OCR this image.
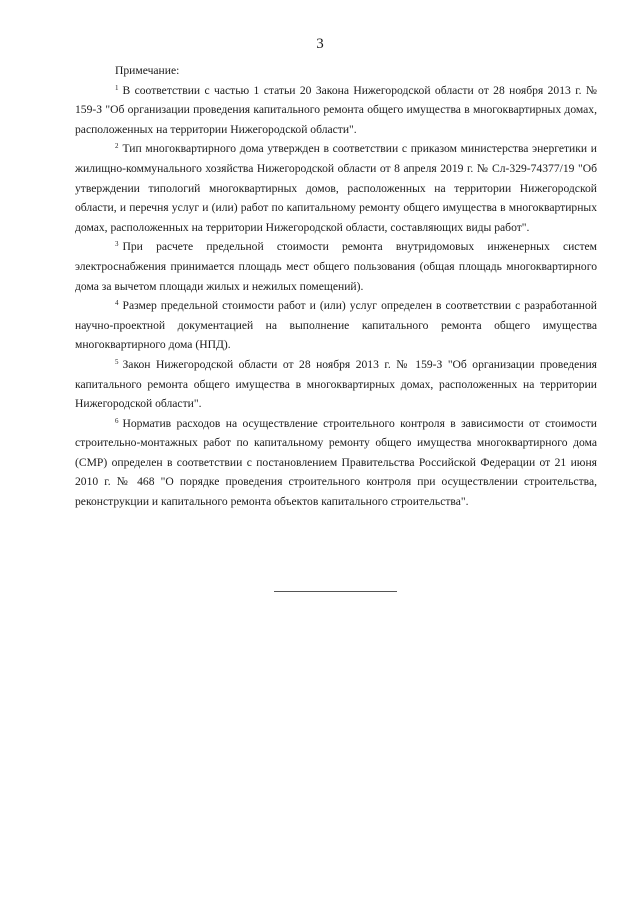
3

Примечание:

$^1$ В соответствии с частью 1 статьи 20 Закона Нижегородской области от 28 ноября 2013 г. № 159-З "Об организации проведения капитального ремонта общего имущества в многоквартирных домах, расположенных на территории Нижегородской области".

$^2$ Тип многоквартирного дома утвержден в соответствии с приказом министерства энергетики и жилищно-коммунального хозяйства Нижегородской области от 8 апреля 2019 г. № Сл-329-74377/19 "Об утверждении типологий многоквартирных домов, расположенных на территории Нижегородской области, и перечня услуг и (или) работ по капитальному ремонту общего имущества в многоквартирных домах, расположенных на территории Нижегородской области, составляющих виды работ".

$^3$ При расчете предельной стоимости ремонта внутридомовых инженерных систем электроснабжения принимается площадь мест общего пользования (общая площадь многоквартирного дома за вычетом площади жилых и нежилых помещений).

$^4$ Размер предельной стоимости работ и (или) услуг определен в соответствии с разработанной научно-проектной документацией на выполнение капитального ремонта общего имущества многоквартирного дома (НПД).

$^5$ Закон Нижегородской области от 28 ноября 2013 г. № 159-З "Об организации проведения капитального ремонта общего имущества в многоквартирных домах, расположенных на территории Нижегородской области".

$^6$ Норматив расходов на осуществление строительного контроля в зависимости от стоимости строительно-монтажных работ по капитальному ремонту общего имущества многоквартирного дома (СМР) определен в соответствии с постановлением Правительства Российской Федерации от 21 июня 2010 г. № 468 "О порядке проведения строительного контроля при осуществлении строительства, реконструкции и капитального ремонта объектов капитального строительства".
